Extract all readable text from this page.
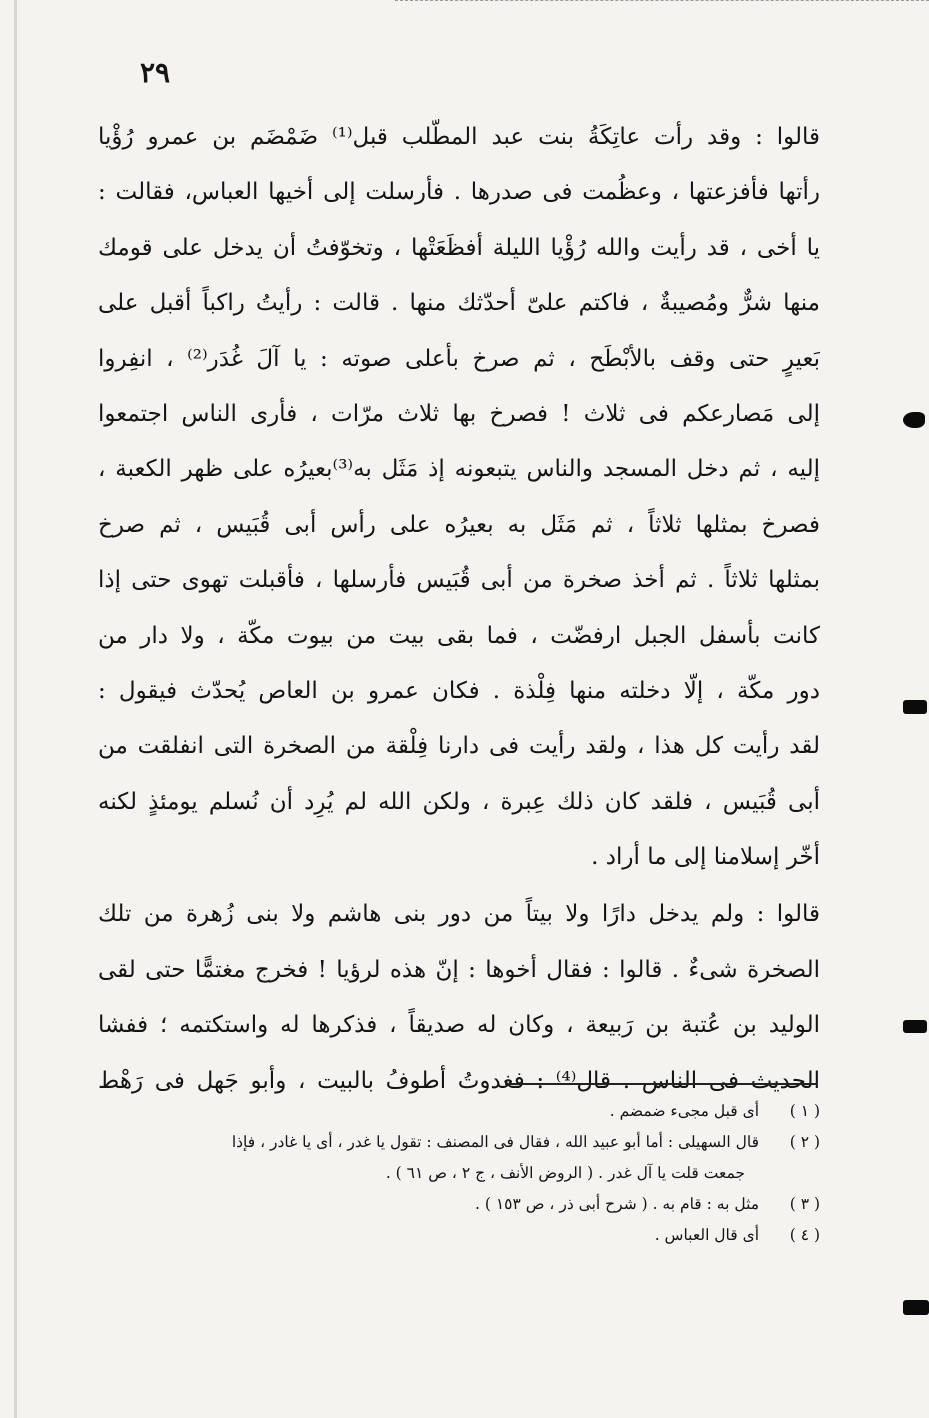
٢٩
قالوا : وقد رأت عاتِكَةُ بنت عبد المطّلب قبل⁽¹⁾ ضَمْضَم بن عمرو رُؤْيا
رأتها فأفزعتها ، وعظُمت فى صدرها . فأرسلت إلى أخيها العباس، فقالت :
يا أخى ، قد رأيت والله رُؤْيا الليلة أفظَعَتْها ، وتخوّفتُ أن يدخل على قومك
منها شرٌّ ومُصيبةٌ ، فاكتم علىّ أحدّثك منها . قالت : رأيتُ راكباً أقبل على
بَعيرٍ حتى وقف بالأبْطَح ، ثم صرخ بأعلى صوته : يا آلَ غُدَر⁽²⁾ ، انفِروا
إلى مَصارعكم فى ثلاث ! فصرخ بها ثلاث مرّات ، فأرى الناس اجتمعوا
إليه ، ثم دخل المسجد والناس يتبعونه إذ مَثَل به⁽³⁾بعيرُه على ظهر الكعبة ،
فصرخ بمثلها ثلاثاً ، ثم مَثَل به بعيرُه على رأس أبى قُبَيس ، ثم صرخ
بمثلها ثلاثاً . ثم أخذ صخرة من أبى قُبَيس فأرسلها ، فأقبلت تهوى حتى إذا
كانت بأسفل الجبل ارفضّت ، فما بقى بيت من بيوت مكّة ، ولا دار من
دور مكّة ، إلّا دخلته منها فِلْذة . فكان عمرو بن العاص يُحدّث فيقول :
لقد رأيت كل هذا ، ولقد رأيت فى دارنا فِلْقة من الصخرة التى انفلقت من
أبى قُبَيس ، فلقد كان ذلك عِبرة ، ولكن الله لم يُرِد أن نُسلم يومئذٍ لكنه
أخّر إسلامنا إلى ما أراد .
قالوا : ولم يدخل دارًا ولا بيتاً من دور بنى هاشم ولا بنى زُهرة من تلك
الصخرة شىءٌ . قالوا : فقال أخوها : إنّ هذه لرؤيا ! فخرج مغتمًّا حتى لقى
الوليد بن عُتبة بن رَبيعة ، وكان له صديقاً ، فذكرها له واستكتمه ؛ ففشا
الحديث فى الناس . قال⁽⁴⁾ : فغدوتُ أطوفُ بالبيت ، وأبو جَهل فى رَهْط
( ١ ) أى قبل مجىء ضمضم .
( ٢ ) قال السهيلى : أما أبو عبيد الله ، فقال فى المصنف : تقول يا غدر ، أى يا غادر ، فإذا
جمعت قلت يا آل غدر . ( الروض الأنف ، ج ٢ ، ص ٦١ ) .
( ٣ ) مثل به : قام به . ( شرح أبى ذر ، ص ١٥٣ ) .
( ٤ ) أى قال العباس .
